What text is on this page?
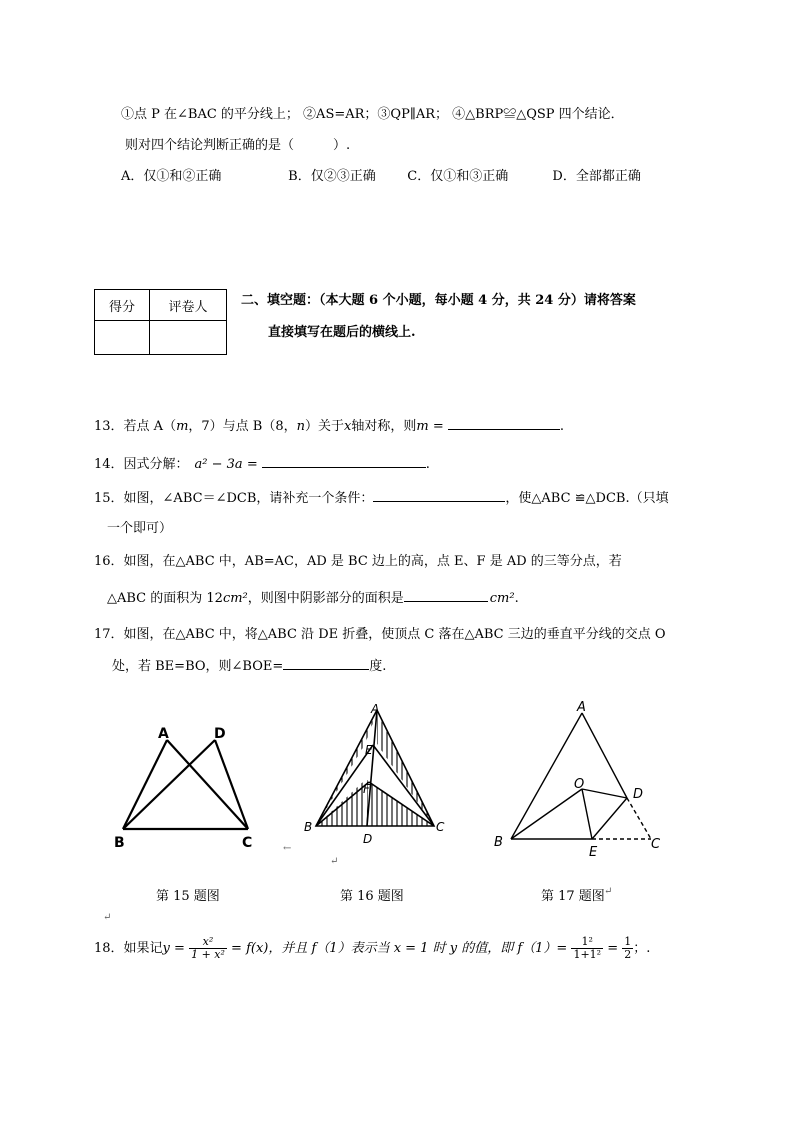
①点 P 在∠BAC 的平分线上； ②AS=AR；③QP∥AR； ④△BRP≌△QSP 四个结论．
则对四个结论判断正确的是（　　　）.
A．仅①和②正确	B．仅②③正确 C．仅①和③正确	D．全部都正确
得分	评卷人
		二、填空题：（本大题 6 个小题，每小题 4 分，共 24 分）请将答案
直接填写在题后的横线上.
13．若点 A（m，7）与点 B（8，n）关于x轴对称，则m =	.
14．因式分解： a² − 3a =	.
15．如图，∠ABC＝∠DCB，请补充一个条件：	，使△ABC ≌△DCB.（只填
一个即可）
16．如图，在△ABC 中，AB=AC，AD 是 BC 边上的高，点 E、F 是 AD 的三等分点，若
△ABC 的面积为 12cm²，则图中阴影部分的面积是	cm².
17．如图，在△ABC 中，将△ABC 沿 DE 折叠，使顶点 C 落在△ABC 三边的垂直平分线的交点 O
处，若 BE=BO，则∠BOE=	度.
A	D
B	C	←
A
E
F
B
D
C
↵
A
O
D
B
E
C
第 15 题图	第 16 题图	第 17 题图 ↵
↵
18．如果记$y = \frac{\text{x²}}{\text{1 + x²}} = f(x)$，并且 f（1）表示当 x = 1 时 y 的值，即 $f(1)= \frac{\text{1²}}{\text{1+1²}} = \frac{1}{2}$ ；.
